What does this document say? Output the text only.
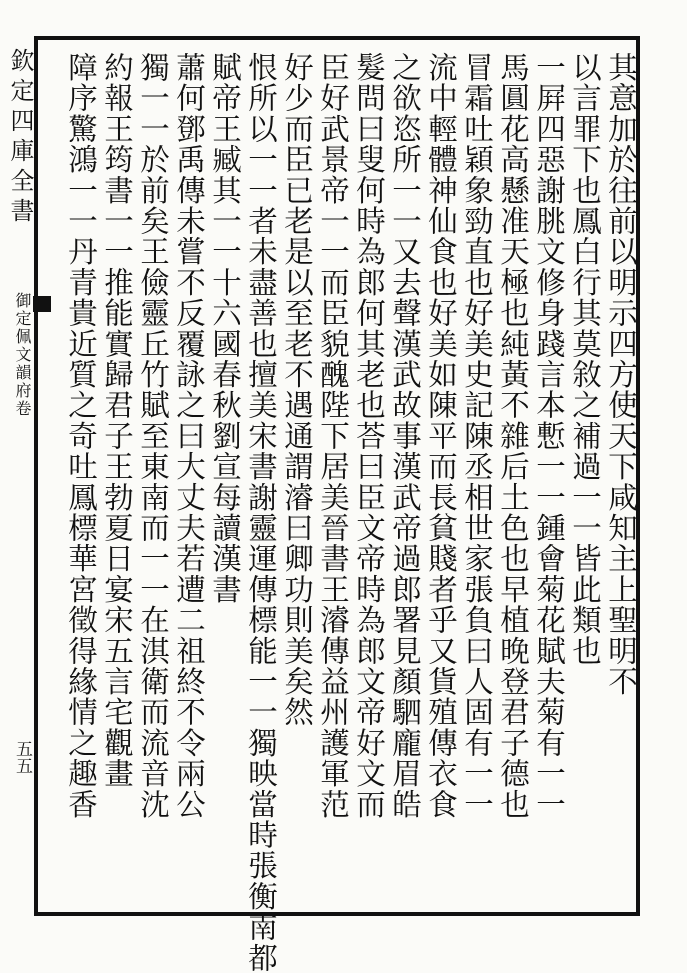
欽定四庫全書
御定佩文韻府卷
五五
其意加於往前以明示四方使天下咸知主上聖明不
以言罪下也鳳白行其莫敘之補過一一皆此類也
一屛四惡謝朓文修身踐言本慙一一鍾會菊花賦夫菊有一一
馬圓花高懸准天極也純黃不雜后土色也早植晚登君子德也
冒霜吐穎象勁直也好美史記陳丞相世家張負曰人固有一一
流中輕體神仙食也好美如陳平而長貧賤者乎又貨殖傳衣食
之欲恣所一一又去聲漢武故事漢武帝過郎署見顏駟龐眉皓
髮問曰叟何時為郎何其老也荅曰臣文帝時為郎文帝好文而
臣好武景帝一一而臣貌醜陛下居美晉書王濬傳益州護軍范
好少而臣已老是以至老不遇通謂濬曰卿功則美矣然
恨所以一一者未盡善也擅美宋書謝靈運傳標能一一獨映當時張衡南都
賦帝王臧其一一十六國春秋劉宣每讀漢書
蕭何鄧禹傳未嘗不反覆詠之曰大丈夫若遭二祖終不令兩公
獨一一於前矣王儉靈丘竹賦至東南而一一在淇衛而流音沈
約報王筠書一一推能實歸君子王勃夏日宴宋五言宅觀畫
障序驚鴻一一丹青貴近質之奇吐鳳標華宮徵得緣情之趣香
